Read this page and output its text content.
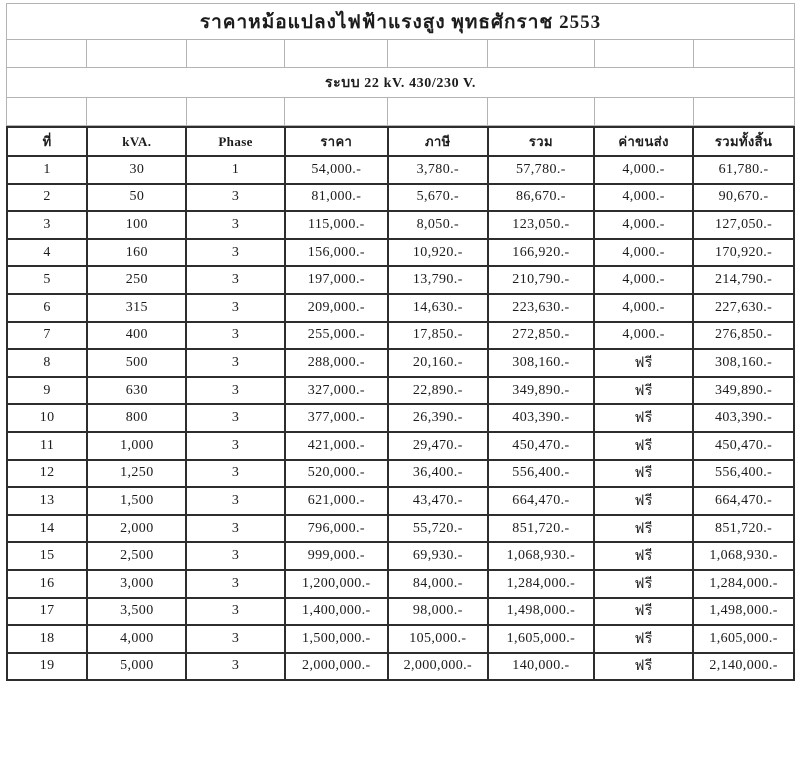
ราคาหม้อแปลงไฟฟ้าแรงสูง พุทธศักราช 2553							

ระบบ 22 kV. 430/230 V.							

ที่	kVA.	Phase	ราคา	ภาษี	รวม	ค่าขนส่ง	รวมทั้งสิ้น
1	30	1	54,000.-	3,780.-	57,780.-	4,000.-	61,780.-
2	50	3	81,000.-	5,670.-	86,670.-	4,000.-	90,670.-
3	100	3	115,000.-	8,050.-	123,050.-	4,000.-	127,050.-
4	160	3	156,000.-	10,920.-	166,920.-	4,000.-	170,920.-
5	250	3	197,000.-	13,790.-	210,790.-	4,000.-	214,790.-
6	315	3	209,000.-	14,630.-	223,630.-	4,000.-	227,630.-
7	400	3	255,000.-	17,850.-	272,850.-	4,000.-	276,850.-
8	500	3	288,000.-	20,160.-	308,160.-	ฟรี	308,160.-
9	630	3	327,000.-	22,890.-	349,890.-	ฟรี	349,890.-
10	800	3	377,000.-	26,390.-	403,390.-	ฟรี	403,390.-
11	1,000	3	421,000.-	29,470.-	450,470.-	ฟรี	450,470.-
12	1,250	3	520,000.-	36,400.-	556,400.-	ฟรี	556,400.-
13	1,500	3	621,000.-	43,470.-	664,470.-	ฟรี	664,470.-
14	2,000	3	796,000.-	55,720.-	851,720.-	ฟรี	851,720.-
15	2,500	3	999,000.-	69,930.-	1,068,930.-	ฟรี	1,068,930.-
16	3,000	3	1,200,000.-	84,000.-	1,284,000.-	ฟรี	1,284,000.-
17	3,500	3	1,400,000.-	98,000.-	1,498,000.-	ฟรี	1,498,000.-
18	4,000	3	1,500,000.-	105,000.-	1,605,000.-	ฟรี	1,605,000.-
19	5,000	3	2,000,000.-	2,000,000.-	140,000.-	ฟรี	2,140,000.-
